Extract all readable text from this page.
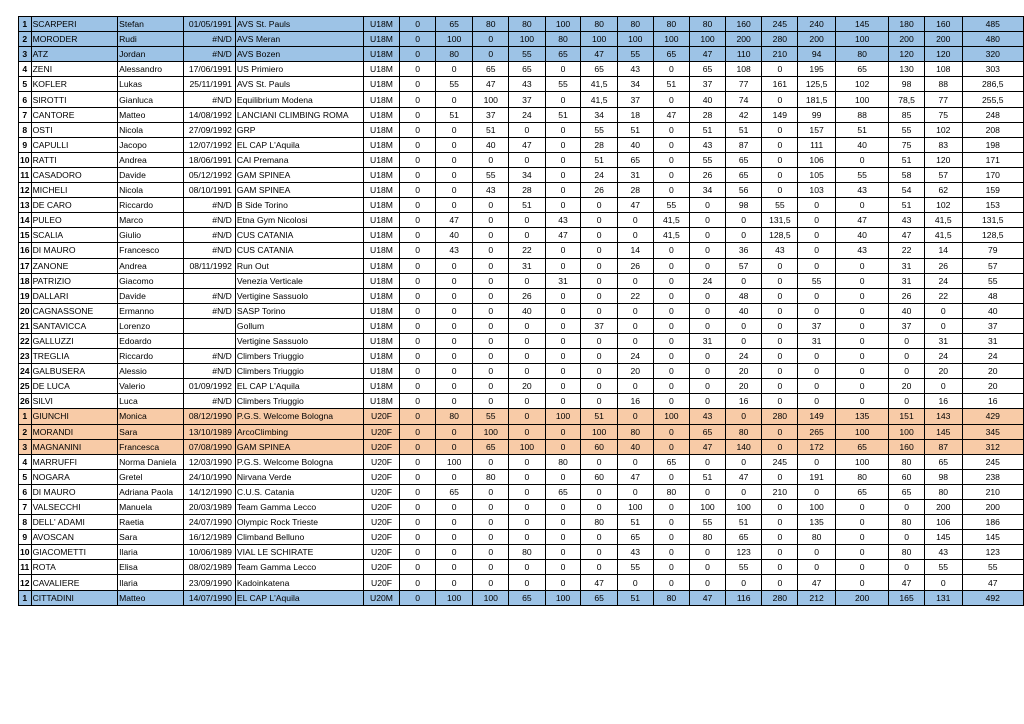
1	SCARPERI	Stefan	01/05/1991	AVS St. Pauls	U18M	0	65	80	80	100	80	80	80	80	160	245	240	145	180	160	485
2	MORODER	Rudi	#N/D	AVS Meran	U18M	0	100	0	100	80	100	100	100	100	200	280	200	100	200	200	480
3	ATZ	Jordan	#N/D	AVS Bozen	U18M	0	80	0	55	65	47	55	65	47	110	210	94	80	120	120	320
4	ZENI	Alessandro	17/06/1991	US Primiero	U18M	0	0	65	65	0	65	43	0	65	108	0	195	65	130	108	303
5	KOFLER	Lukas	25/11/1991	AVS St. Pauls	U18M	0	55	47	43	55	41,5	34	51	37	77	161	125,5	102	98	88	286,5
6	SIROTTI	Gianluca	#N/D	Equilibrium Modena	U18M	0	0	100	37	0	41,5	37	0	40	74	0	181,5	100	78,5	77	255,5
7	CANTORE	Matteo	14/08/1992	LANCIANI CLIMBING ROMA	U18M	0	51	37	24	51	34	18	47	28	42	149	99	88	85	75	248
8	OSTI	Nicola	27/09/1992	GRP	U18M	0	0	51	0	0	55	51	0	51	51	0	157	51	55	102	208
9	CAPULLI	Jacopo	12/07/1992	EL CAP L'Aquila	U18M	0	0	40	47	0	28	40	0	43	87	0	111	40	75	83	198
10	RATTI	Andrea	18/06/1991	CAI Premana	U18M	0	0	0	0	0	51	65	0	55	65	0	106	0	51	120	171
11	CASADORO	Davide	05/12/1992	GAM SPINEA	U18M	0	0	55	34	0	24	31	0	26	65	0	105	55	58	57	170
12	MICHELI	Nicola	08/10/1991	GAM SPINEA	U18M	0	0	43	28	0	26	28	0	34	56	0	103	43	54	62	159
13	DE CARO	Riccardo	#N/D	B Side Torino	U18M	0	0	0	51	0	0	47	55	0	98	55	0	0	51	102	153
14	PULEO	Marco	#N/D	Etna Gym Nicolosi	U18M	0	47	0	0	43	0	0	41,5	0	0	131,5	0	47	43	41,5	131,5
15	SCALIA	Giulio	#N/D	CUS CATANIA	U18M	0	40	0	0	47	0	0	41,5	0	0	128,5	0	40	47	41,5	128,5
16	DI MAURO	Francesco	#N/D	CUS CATANIA	U18M	0	43	0	22	0	0	14	0	0	36	43	0	43	22	14	79
17	ZANONE	Andrea	08/11/1992	Run Out	U18M	0	0	0	31	0	0	26	0	0	57	0	0	0	31	26	57
18	PATRIZIO	Giacomo		Venezia Verticale	U18M	0	0	0	0	31	0	0	0	24	0	0	55	0	31	24	55
19	DALLARI	Davide	#N/D	Vertigine Sassuolo	U18M	0	0	0	26	0	0	22	0	0	48	0	0	0	26	22	48
20	CAGNASSONE	Ermanno	#N/D	SASP Torino	U18M	0	0	0	40	0	0	0	0	0	40	0	0	0	40	0	40
21	SANTAVICCA	Lorenzo		Gollum	U18M	0	0	0	0	0	37	0	0	0	0	0	37	0	37	0	37
22	GALLUZZI	Edoardo		Vertigine Sassuolo	U18M	0	0	0	0	0	0	0	0	31	0	0	31	0	0	31	31
23	TREGLIA	Riccardo	#N/D	Climbers Triuggio	U18M	0	0	0	0	0	0	24	0	0	24	0	0	0	0	24	24
24	GALBUSERA	Alessio	#N/D	Climbers Triuggio	U18M	0	0	0	0	0	0	20	0	0	20	0	0	0	0	20	20
25	DE LUCA	Valerio	01/09/1992	EL CAP L'Aquila	U18M	0	0	0	20	0	0	0	0	0	20	0	0	0	20	0	20
26	SILVI	Luca	#N/D	Climbers Triuggio	U18M	0	0	0	0	0	0	16	0	0	16	0	0	0	0	16	16
1	GIUNCHI	Monica	08/12/1990	P.G.S. Welcome Bologna	U20F	0	80	55	0	100	51	0	100	43	0	280	149	135	151	143	429
2	MORANDI	Sara	13/10/1989	ArcoClimbing	U20F	0	0	100	0	0	100	80	0	65	80	0	265	100	100	145	345
3	MAGNANINI	Francesca	07/08/1990	GAM SPINEA	U20F	0	0	65	100	0	60	40	0	47	140	0	172	65	160	87	312
4	MARRUFFI	Norma Daniela	12/03/1990	P.G.S. Welcome Bologna	U20F	0	100	0	0	80	0	0	65	0	0	245	0	100	80	65	245
5	NOGARA	Gretel	24/10/1990	Nirvana Verde	U20F	0	0	80	0	0	60	47	0	51	47	0	191	80	60	98	238
6	DI MAURO	Adriana Paola	14/12/1990	C.U.S. Catania	U20F	0	65	0	0	65	0	0	80	0	0	210	0	65	65	80	210
7	VALSECCHI	Manuela	20/03/1989	Team Gamma Lecco	U20F	0	0	0	0	0	0	100	0	100	100	0	100	0	0	200	200
8	DELL' ADAMI	Raetia	24/07/1990	Olympic Rock Trieste	U20F	0	0	0	0	0	80	51	0	55	51	0	135	0	80	106	186
9	AVOSCAN	Sara	16/12/1989	Climband Belluno	U20F	0	0	0	0	0	0	65	0	80	65	0	80	0	0	145	145
10	GIACOMETTI	Ilaria	10/06/1989	VIAL LE SCHIRATE	U20F	0	0	0	80	0	0	43	0	0	123	0	0	0	80	43	123
11	ROTA	Elisa	08/02/1989	Team Gamma Lecco	U20F	0	0	0	0	0	0	55	0	0	55	0	0	0	0	55	55
12	CAVALIERE	Ilaria	23/09/1990	Kadoinkatena	U20F	0	0	0	0	0	47	0	0	0	0	0	47	0	47	0	47
1	CITTADINI	Matteo	14/07/1990	EL CAP L'Aquila	U20M	0	100	100	65	100	65	51	80	47	116	280	212	200	165	131	492
